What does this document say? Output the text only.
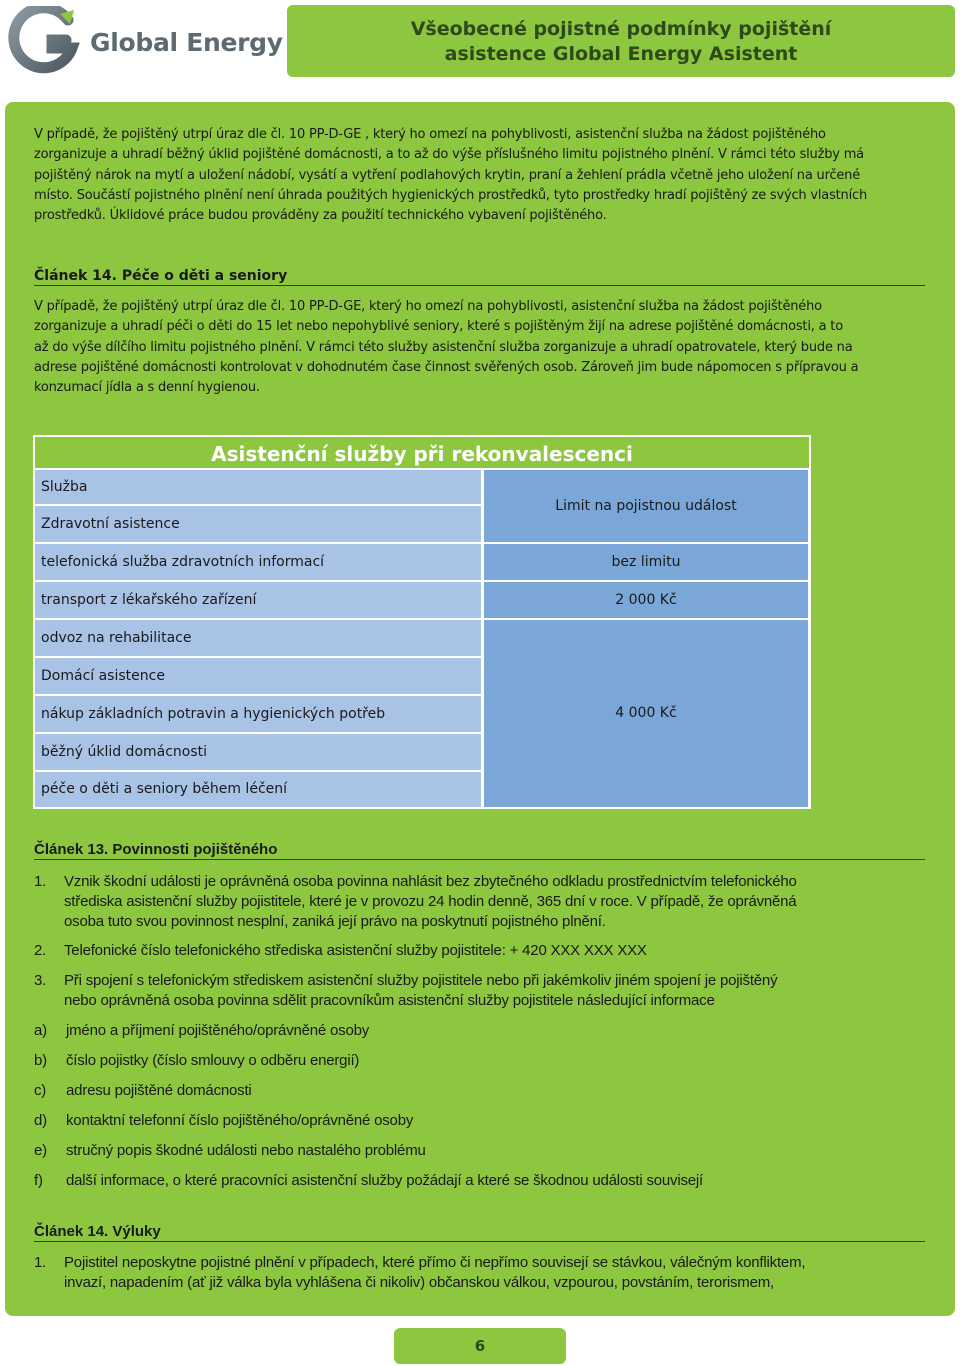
Global Energy	Všeobecné pojistné podmínky pojištění
asistence Global Energy Asistent
V případě, že pojištěný utrpí úraz dle čl. 10 PP-D-GE , který ho omezí na pohyblivosti, asistenční služba na žádost pojištěného
zorganizuje a uhradí běžný úklid pojištěné domácnosti, a to až do výše příslušného limitu pojistného plnění. V rámci této služby má
pojištěný nárok na mytí a uložení nádobí, vysátí a vytření podlahových krytin, praní a žehlení prádla včetně jeho uložení na určené
místo. Součástí pojistného plnění není úhrada použitých hygienických prostředků, tyto prostředky hradí pojištěný ze svých vlastních
prostředků. Úklidové práce budou prováděny za použití technického vybavení pojištěného.
Článek 14. Péče o děti a seniory
V případě, že pojištěný utrpí úraz dle čl. 10 PP-D-GE, který ho omezí na pohyblivosti, asistenční služba na žádost pojištěného
zorganizuje a uhradí péči o děti do 15 let nebo nepohyblivé seniory, které s pojištěným žijí na adrese pojištěné domácnosti, a to
až do výše dílčího limitu pojistného plnění. V rámci této služby asistenční služba zorganizuje a uhradí opatrovatele, který bude na
adrese pojištěné domácnosti kontrolovat v dohodnutém čase činnost svěřených osob. Zároveň jim bude nápomocen s přípravou a
konzumací jídla a s denní hygienou.
Asistenční služby při rekonvalescenci
Služba
Zdravotní asistence
telefonická služba zdravotních informací
transport z lékařského zařízení
odvoz na rehabilitace
Domácí asistence
nákup základních potravin a hygienických potřeb
běžný úklid domácnosti
péče o děti a seniory během léčení
Limit na pojistnou událost
bez limitu
2 000 Kč
4 000 Kč
Článek 13. Povinnosti pojištěného
1. Vznik škodní události je oprávněná osoba povinna nahlásit bez zbytečného odkladu prostřednictvím telefonického
střediska asistenční služby pojistitele, které je v provozu 24 hodin denně, 365 dní v roce. V případě, že oprávněná
osoba tuto svou povinnost nesplní, zaniká její právo na poskytnutí pojistného plnění.
2. Telefonické číslo telefonického střediska asistenční služby pojistitele: + 420 XXX XXX XXX
3. Při spojení s telefonickým střediskem asistenční služby pojistitele nebo při jakémkoliv jiném spojení je pojištěný
nebo oprávněná osoba povinna sdělit pracovníkům asistenční služby pojistitele následující informace
a) jméno a příjmení pojištěného/oprávněné osoby
b) číslo pojistky (číslo smlouvy o odběru energií)
c) adresu pojištěné domácnosti
d) kontaktní telefonní číslo pojištěného/oprávněné osoby
e) stručný popis škodné události nebo nastalého problému
f) další informace, o které pracovníci asistenční služby požádají a které se škodnou události souvisejí
Článek 14. Výluky
1. Pojistitel neposkytne pojistné plnění v případech, které přímo či nepřímo souvisejí se stávkou, válečným konfliktem,
invazí, napadením (ať již válka byla vyhlášena či nikoliv) občanskou válkou, vzpourou, povstáním, terorismem,
6
